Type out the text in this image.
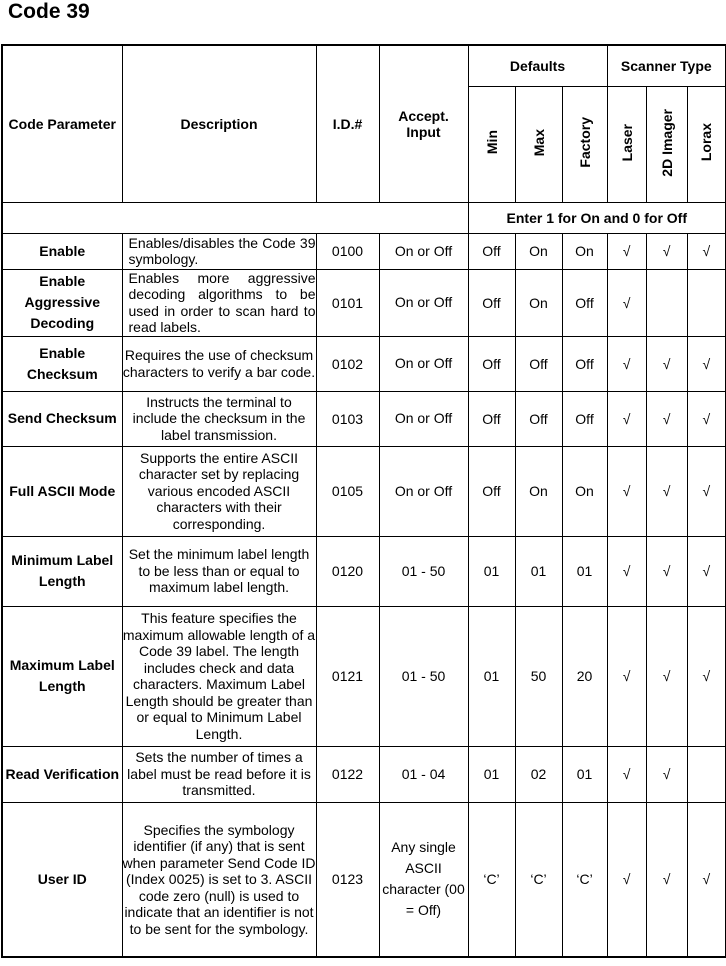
Code 39
Code Parameter	Description	I.D.#	Accept. Input	Defaults			Scanner Type		
				Min	Max	Factory	Laser	2D Imager	Lorax
				Enter 1 for On and 0 for Off					
Enable	Enables/disables the Code 39 symbology.	0100	On or Off	Off	On	On	√	√	√
Enable Aggressive Decoding	Enables more aggressive decoding algorithms to be used in order to scan hard to read labels.	0101	On or Off	Off	On	Off	√		
Enable Checksum	Requires the use of checksum characters to verify a bar code.	0102	On or Off	Off	Off	Off	√	√	√
Send Checksum	Instructs the terminal to include the checksum in the label transmission.	0103	On or Off	Off	Off	Off	√	√	√
Full ASCII Mode	Supports the entire ASCII character set by replacing various encoded ASCII characters with their corresponding.	0105	On or Off	Off	On	On	√	√	√
Minimum Label Length	Set the minimum label length to be less than or equal to maximum label length.	0120	01 - 50	01	01	01	√	√	√
Maximum Label Length	This feature specifies the maximum allowable length of a Code 39 label. The length includes check and data characters. Maximum Label Length should be greater than or equal to Minimum Label Length.	0121	01 - 50	01	50	20	√	√	√
Read Verification	Sets the number of times a label must be read before it is transmitted.	0122	01 - 04	01	02	01	√	√	
User ID	Specifies the symbology identifier (if any) that is sent when parameter Send Code ID (Index 0025) is set to 3. ASCII code zero (null) is used to indicate that an identifier is not to be sent for the symbology.	0123	Any single ASCII character (00 = Off)	‘C’	‘C’	‘C’	√	√	√
